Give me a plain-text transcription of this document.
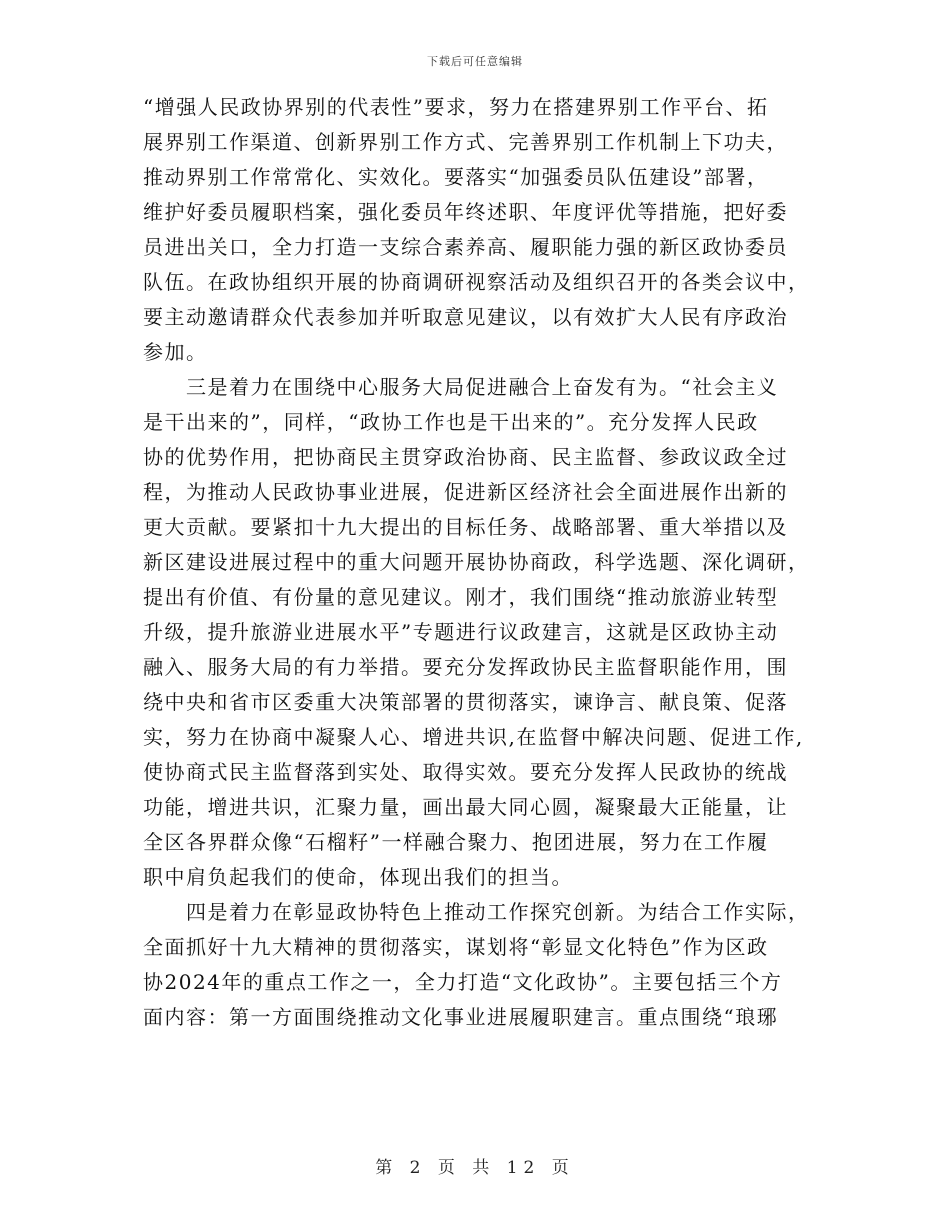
下载后可任意编辑
“增强人民政协界别的代表性”要求，努力在搭建界别工作平台、拓
展界别工作渠道、创新界别工作方式、完善界别工作机制上下功夫，
推动界别工作常常化、实效化。要落实“加强委员队伍建设”部署，
维护好委员履职档案，强化委员年终述职、年度评优等措施，把好委
员进出关口，全力打造一支综合素养高、履职能力强的新区政协委员
队伍。在政协组织开展的协商调研视察活动及组织召开的各类会议中，
要主动邀请群众代表参加并听取意见建议，以有效扩大人民有序政治
参加。
　　三是着力在围绕中心服务大局促进融合上奋发有为。“社会主义
是干出来的”，同样，“政协工作也是干出来的”。充分发挥人民政
协的优势作用，把协商民主贯穿政治协商、民主监督、参政议政全过
程，为推动人民政协事业进展，促进新区经济社会全面进展作出新的
更大贡献。要紧扣十九大提出的目标任务、战略部署、重大举措以及
新区建设进展过程中的重大问题开展协协商政，科学选题、深化调研，
提出有价值、有份量的意见建议。刚才，我们围绕“推动旅游业转型
升级，提升旅游业进展水平”专题进行议政建言，这就是区政协主动
融入、服务大局的有力举措。要充分发挥政协民主监督职能作用，围
绕中央和省市区委重大决策部署的贯彻落实，谏诤言、献良策、促落
实，努力在协商中凝聚人心、增进共识,在监督中解决问题、促进工作,
使协商式民主监督落到实处、取得实效。要充分发挥人民政协的统战
功能，增进共识，汇聚力量，画出最大同心圆，凝聚最大正能量，让
全区各界群众像“石榴籽”一样融合聚力、抱团进展，努力在工作履
职中肩负起我们的使命，体现出我们的担当。
　　四是着力在彰显政协特色上推动工作探究创新。为结合工作实际，
全面抓好十九大精神的贯彻落实，谋划将“彰显文化特色”作为区政
协2024年的重点工作之一，全力打造“文化政协”。主要包括三个方
面内容：第一方面围绕推动文化事业进展履职建言。重点围绕“琅琊
第 2 页 共 12 页
